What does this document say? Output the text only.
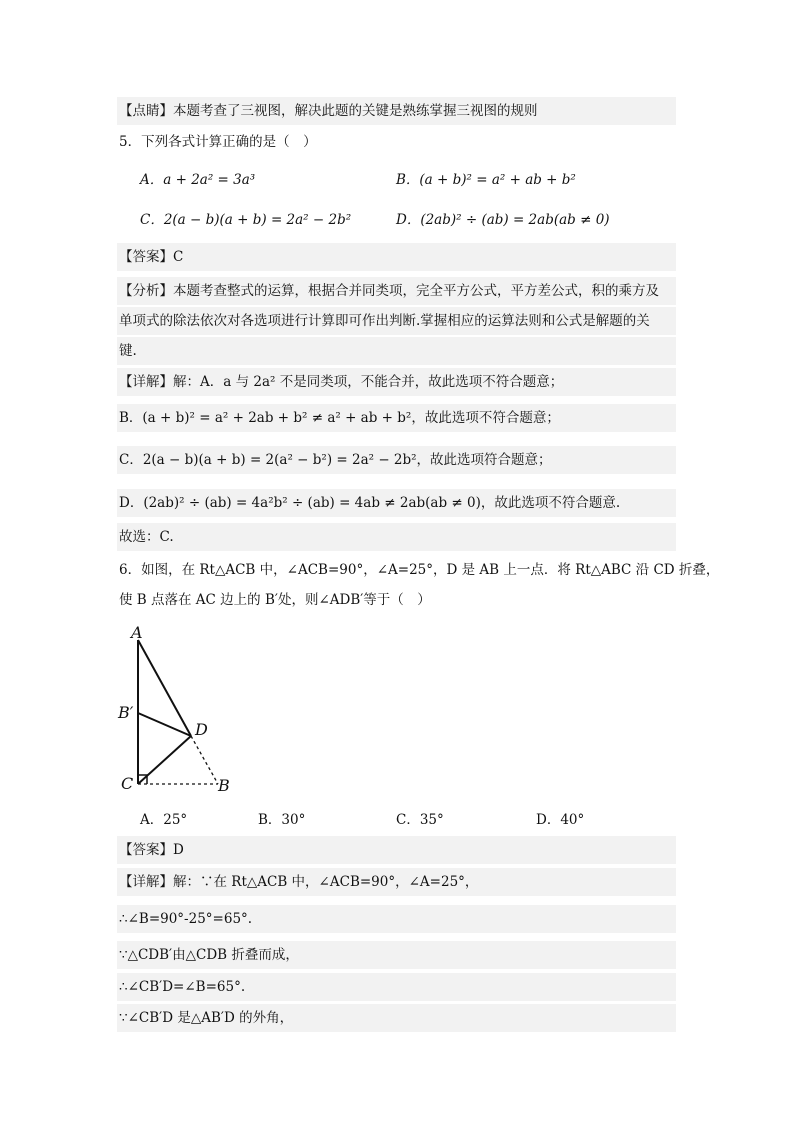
【点睛】本题考查了三视图，解决此题的关键是熟练掌握三视图的规则
5．下列各式计算正确的是（　）
A．a + 2a² = 3a³	B．(a + b)² = a² + ab + b²
C．2(a − b)(a + b) = 2a² − 2b²	D．(2ab)² ÷ (ab) = 2ab(ab ≠ 0)
【答案】C
【分析】本题考查整式的运算，根据合并同类项，完全平方公式，平方差公式，积的乘方及
单项式的除法依次对各选项进行计算即可作出判断.掌握相应的运算法则和公式是解题的关
键.
【详解】解：A．a 与 2a² 不是同类项，不能合并，故此选项不符合题意；
B．(a + b)² = a² + 2ab + b² ≠ a² + ab + b²，故此选项不符合题意；
C．2(a − b)(a + b) = 2(a² − b²) = 2a² − 2b²，故此选项符合题意；
D．(2ab)² ÷ (ab) = 4a²b² ÷ (ab) = 4ab ≠ 2ab(ab ≠ 0)，故此选项不符合题意.
故选：C.
6．如图，在 Rt△ACB 中，∠ACB=90°，∠A=25°，D 是 AB 上一点．将 Rt△ABC 沿 CD 折叠，
使 B 点落在 AC 边上的 B′处，则∠ADB′等于（　）
A
B′
D
C	B
A．25°	B．30°	C．35°	D．40°
【答案】D
【详解】解：∵在 Rt△ACB 中，∠ACB=90°，∠A=25°，
∴∠B=90°-25°=65°.
∵△CDB′由△CDB 折叠而成，
∴∠CB′D=∠B=65°.
∵∠CB′D 是△AB′D 的外角，
